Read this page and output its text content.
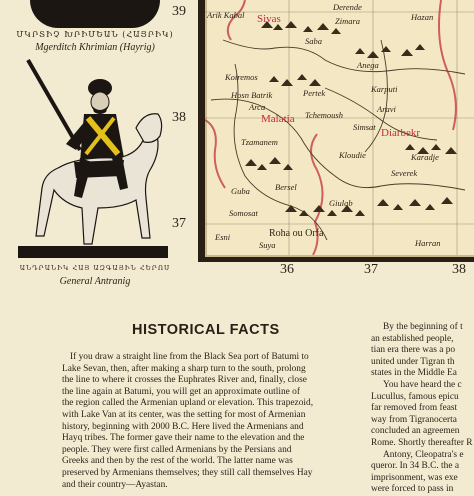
ՄԿՐՏԻՉ ԽՐԻՄԵԱՆ (ՀԱՅՐԻԿ)
Mgerditch Khrimian (Hayrig)
ԱՆԴՐԱՆԻԿ ՀԱՅ ԱԶԳԱՅԻՆ ՀԵՐՈՍ
General Antranig
Arik Kabal
Derende
Zimara	Hazan
Saba
Koiremos
Anega
Hosn Batrik	Pertek	Karputi
Arca	Aravi
Tchemoush
Simsat
Tzamanem
Kloudie	Karadje
Severek
Guba	Bersel
Giulab
Somosat
Esni
Suya	Harran
Sivas
Malatia
Diarbekr
Roha ou Orfa
39
38
37
36	37	38
HISTORICAL FACTS

If you draw a straight line from the Black Sea port of Batumi to
Lake Sevan, then, after making a sharp turn to the south, prolong
the line to where it crosses the Euphrates River and, finally, close
the line again at Batumi, you will get an approximate outline of
the region called the Armenian upland or elevation. This trapezoid,
with Lake Van at its center, was the setting for most of Armenian
history, beginning with 2000 B.C. Here lived the Armenians and
Hayq tribes. The former gave their name to the elevation and the
people. They were first called Armenians by the Persians and
Greeks and then by the rest of the world. The latter name was
preserved by Armenians themselves; they still call themselves Hay
and their country—Ayastan.

By the beginning of t
an established people,
tian era there was a po
united under Tigran th
states in the Middle Ea
You have heard the c
Lucullus, famous epicu
far removed from feast
way from Tigranocerta
concluded an agreemen
Rome. Shortly thereafter R
Antony, Cleopatra's e
queror. In 34 B.C. the a
imprisonment, was exe
were forced to pass in
